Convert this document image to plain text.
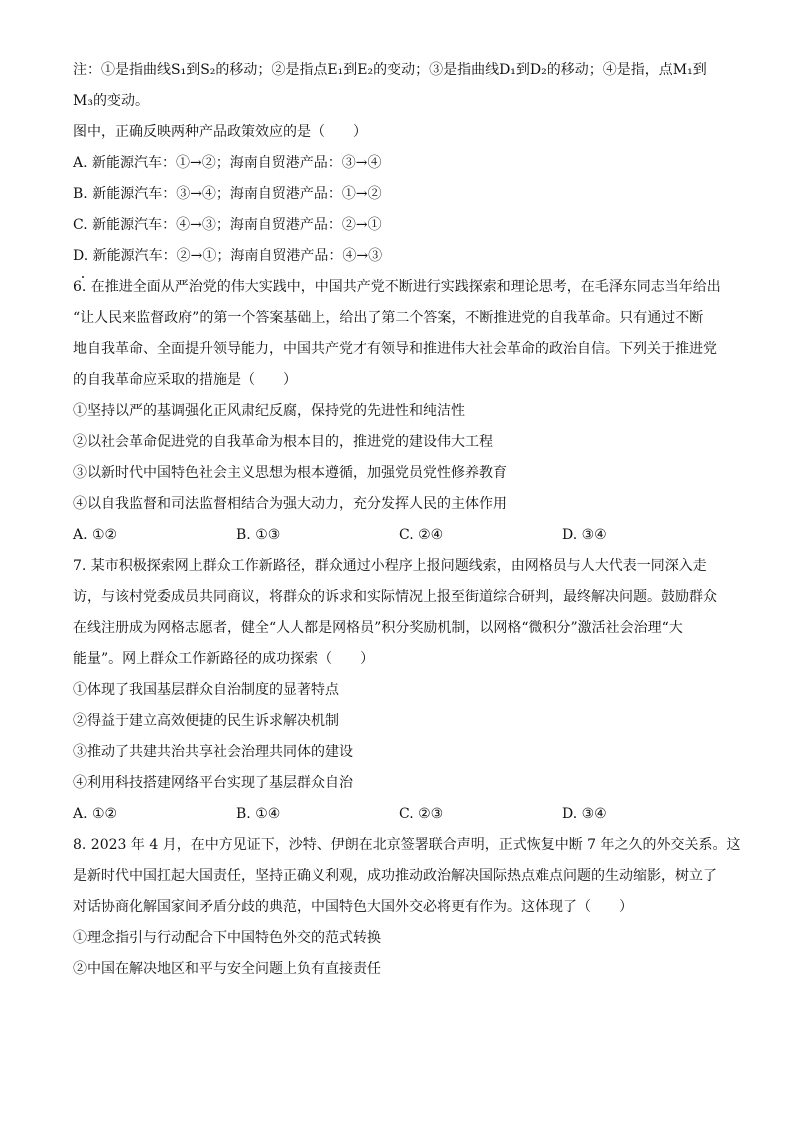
注：①是指曲线S₁到S₂的移动；②是指点E₁到E₂的变动；③是指曲线D₁到D₂的移动；④是指，点M₁到

M₃的变动。

图中，正确反映两种产品政策效应的是（　　）

A. 新能源汽车：①→②；海南自贸港产品：③→④

B. 新能源汽车：③→④；海南自贸港产品：①→②

C. 新能源汽车：④→③；海南自贸港产品：②→①

D. 新能源汽车：②→①；海南自贸港产品：④→③

6. 在推进全面从严治党的伟大实践中，中国共产党不断进行实践探索和理论思考，在毛泽东同志当年给出

“让人民来监督政府”的第一个答案基础上，给出了第二个答案，不断推进党的自我革命。只有通过不断

地自我革命、全面提升领导能力，中国共产党才有领导和推进伟大社会革命的政治自信。下列关于推进党

的自我革命应采取的措施是（　　）

①坚持以严的基调强化正风肃纪反腐，保持党的先进性和纯洁性

②以社会革命促进党的自我革命为根本目的，推进党的建设伟大工程

③以新时代中国特色社会主义思想为根本遵循，加强党员党性修养教育

④以自我监督和司法监督相结合为强大动力，充分发挥人民的主体作用

A. ①②	B. ①③	C. ②④	D. ③④

7. 某市积极探索网上群众工作新路径，群众通过小程序上报问题线索，由网格员与人大代表一同深入走

访，与该村党委成员共同商议，将群众的诉求和实际情况上报至街道综合研判，最终解决问题。鼓励群众

在线注册成为网格志愿者，健全“人人都是网格员”积分奖励机制，以网格“微积分”激活社会治理“大

能量”。网上群众工作新路径的成功探索（　　）

①体现了我国基层群众自治制度的显著特点

②得益于建立高效便捷的民生诉求解决机制

③推动了共建共治共享社会治理共同体的建设

④利用科技搭建网络平台实现了基层群众自治

A. ①②	B. ①④	C. ②③	D. ③④

8. 2023 年 4 月，在中方见证下，沙特、伊朗在北京签署联合声明，正式恢复中断 7 年之久的外交关系。这

是新时代中国扛起大国责任，坚持正确义利观，成功推动政治解决国际热点难点问题的生动缩影，树立了

对话协商化解国家间矛盾分歧的典范，中国特色大国外交必将更有作为。这体现了（　　）

①理念指引与行动配合下中国特色外交的范式转换

②中国在解决地区和平与安全问题上负有直接责任
